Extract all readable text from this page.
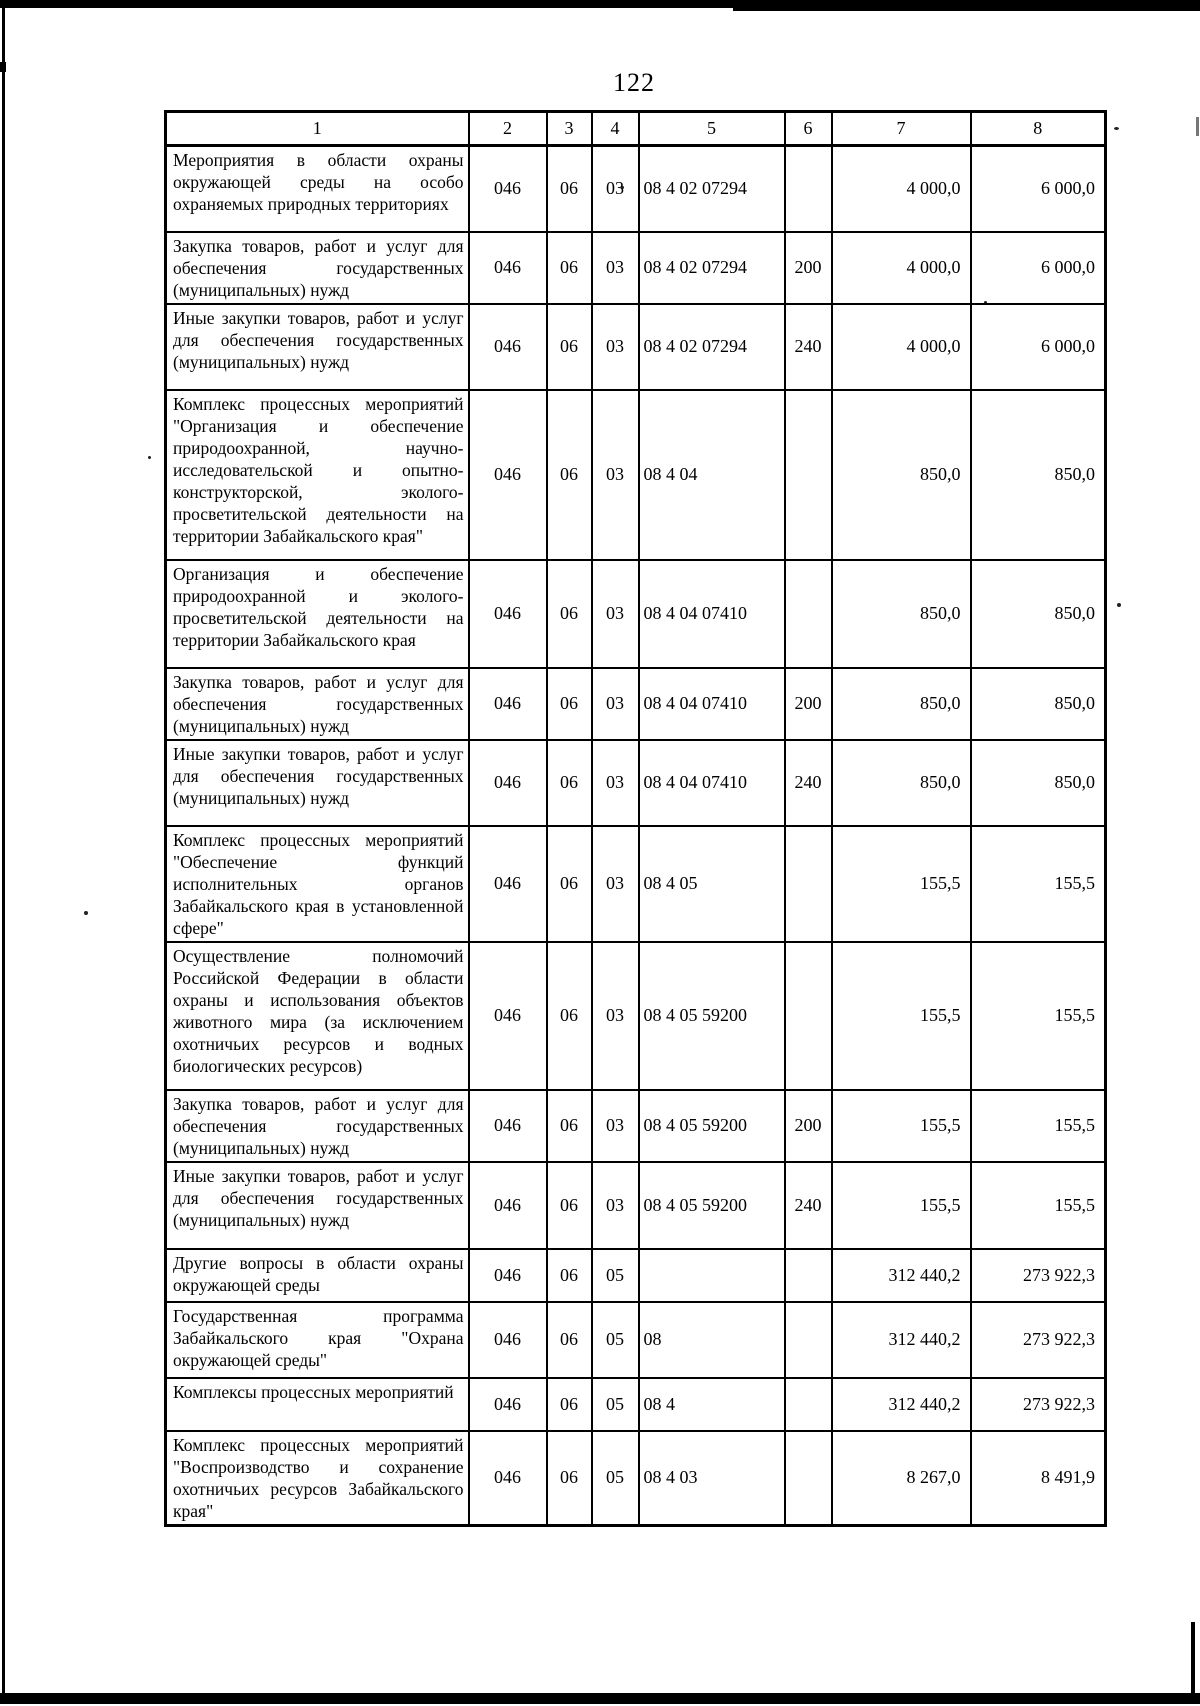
122
1	2	3	4	5	6	7	8
Мероприятия в области охраны окружающей среды на особо охраняемых природных территориях	046	06	03	08 4 02 07294		4 000,0	6 000,0
Закупка товаров, работ и услуг для обеспечения государственных (муниципальных) нужд	046	06	03	08 4 02 07294	200	4 000,0	6 000,0
Иные закупки товаров, работ и услуг для обеспечения государственных (муниципальных) нужд	046	06	03	08 4 02 07294	240	4 000,0	6 000,0
Комплекс процессных мероприятий "Организация и обеспечение природоохранной, научно-исследовательской и опытно-конструкторской, эколого-просветительской деятельности на территории Забайкальского края"	046	06	03	08 4 04		850,0	850,0
Организация и обеспечение природоохранной и эколого-просветительской деятельности на территории Забайкальского края	046	06	03	08 4 04 07410		850,0	850,0
Закупка товаров, работ и услуг для обеспечения государственных (муниципальных) нужд	046	06	03	08 4 04 07410	200	850,0	850,0
Иные закупки товаров, работ и услуг для обеспечения государственных (муниципальных) нужд	046	06	03	08 4 04 07410	240	850,0	850,0
Комплекс процессных мероприятий "Обеспечение функций исполнительных органов Забайкальского края в установленной сфере"	046	06	03	08 4 05		155,5	155,5
Осуществление полномочий Российской Федерации в области охраны и использования объектов животного мира (за исключением охотничьих ресурсов и водных биологических ресурсов)	046	06	03	08 4 05 59200		155,5	155,5
Закупка товаров, работ и услуг для обеспечения государственных (муниципальных) нужд	046	06	03	08 4 05 59200	200	155,5	155,5
Иные закупки товаров, работ и услуг для обеспечения государственных (муниципальных) нужд	046	06	03	08 4 05 59200	240	155,5	155,5
Другие вопросы в области охраны окружающей среды	046	06	05			312 440,2	273 922,3
Государственная программа Забайкальского края "Охрана окружающей среды"	046	06	05	08		312 440,2	273 922,3
Комплексы процессных мероприятий	046	06	05	08 4		312 440,2	273 922,3
Комплекс процессных мероприятий "Воспроизводство и сохранение охотничьих ресурсов Забайкальского края"	046	06	05	08 4 03		8 267,0	8 491,9
